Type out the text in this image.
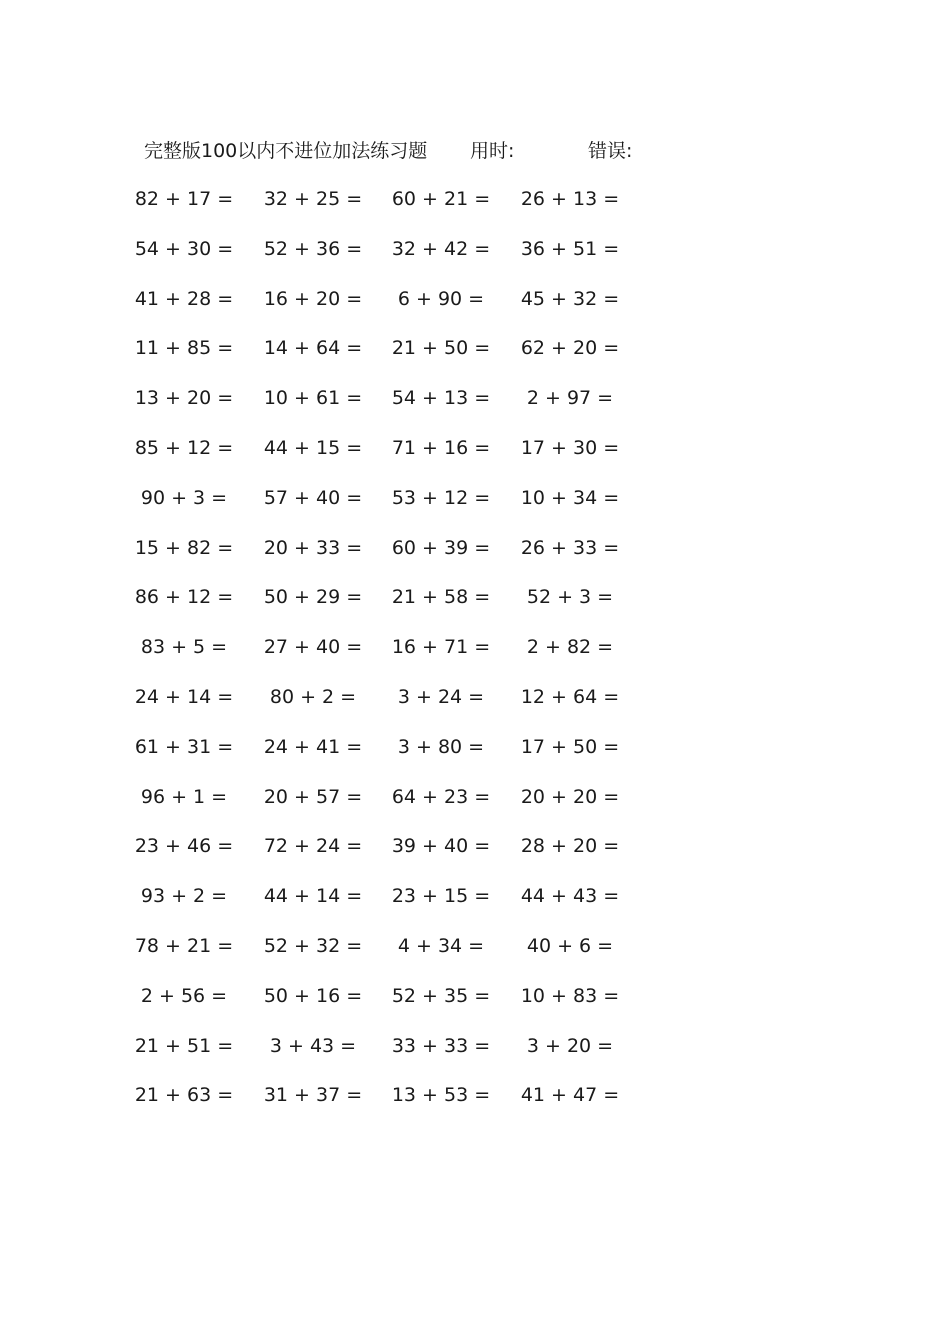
完整版100以内不进位加法练习题 用时:	错误:
82 + 17 =	32 + 25 =	60 + 21 =	26 + 13 =
54 + 30 =	52 + 36 =	32 + 42 =	36 + 51 =
41 + 28 =	16 + 20 =	6 + 90 =	45 + 32 =
11 + 85 =	14 + 64 =	21 + 50 =	62 + 20 =
13 + 20 =	10 + 61 =	54 + 13 =	2 + 97 =
85 + 12 =	44 + 15 =	71 + 16 =	17 + 30 =
90 + 3 =	57 + 40 =	53 + 12 =	10 + 34 =
15 + 82 =	20 + 33 =	60 + 39 =	26 + 33 =
86 + 12 =	50 + 29 =	21 + 58 =	52 + 3 =
83 + 5 =	27 + 40 =	16 + 71 =	2 + 82 =
24 + 14 =	80 + 2 =	3 + 24 =	12 + 64 =
61 + 31 =	24 + 41 =	3 + 80 =	17 + 50 =
96 + 1 =	20 + 57 =	64 + 23 =	20 + 20 =
23 + 46 =	72 + 24 =	39 + 40 =	28 + 20 =
93 + 2 =	44 + 14 =	23 + 15 =	44 + 43 =
78 + 21 =	52 + 32 =	4 + 34 =	40 + 6 =
2 + 56 =	50 + 16 =	52 + 35 =	10 + 83 =
21 + 51 =	3 + 43 =	33 + 33 =	3 + 20 =
21 + 63 =	31 + 37 =	13 + 53 =	41 + 47 =
